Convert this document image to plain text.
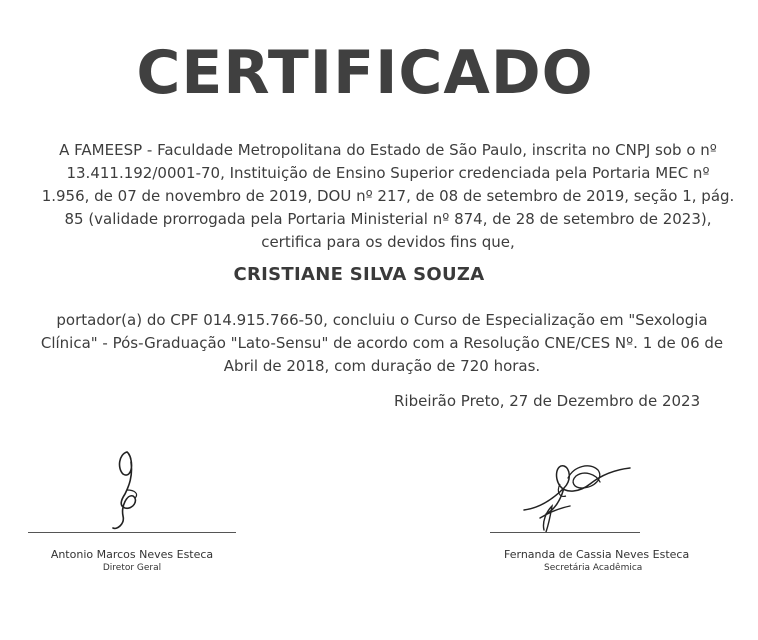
CERTIFICADO
A FAMEESP - Faculdade Metropolitana do Estado de São Paulo, inscrita no CNPJ sob o nº
13.411.192/0001-70, Instituição de Ensino Superior credenciada pela Portaria MEC nº
1.956, de 07 de novembro de 2019, DOU nº 217, de 08 de setembro de 2019, seção 1, pág.
85 (validade prorrogada pela Portaria Ministerial nº 874, de 28 de setembro de 2023),
certifica para os devidos fins que,
CRISTIANE SILVA SOUZA
portador(a) do CPF 014.915.766-50, concluiu o Curso de Especialização em "Sexologia
Clínica" - Pós-Graduação "Lato-Sensu" de acordo com a Resolução CNE/CES Nº. 1 de 06 de
Abril de 2018, com duração de 720 horas.
Ribeirão Preto, 27 de Dezembro de 2023
Antonio Marcos Neves Esteca
Diretor Geral
Fernanda de Cassia Neves Esteca
Secretária Acadêmica
